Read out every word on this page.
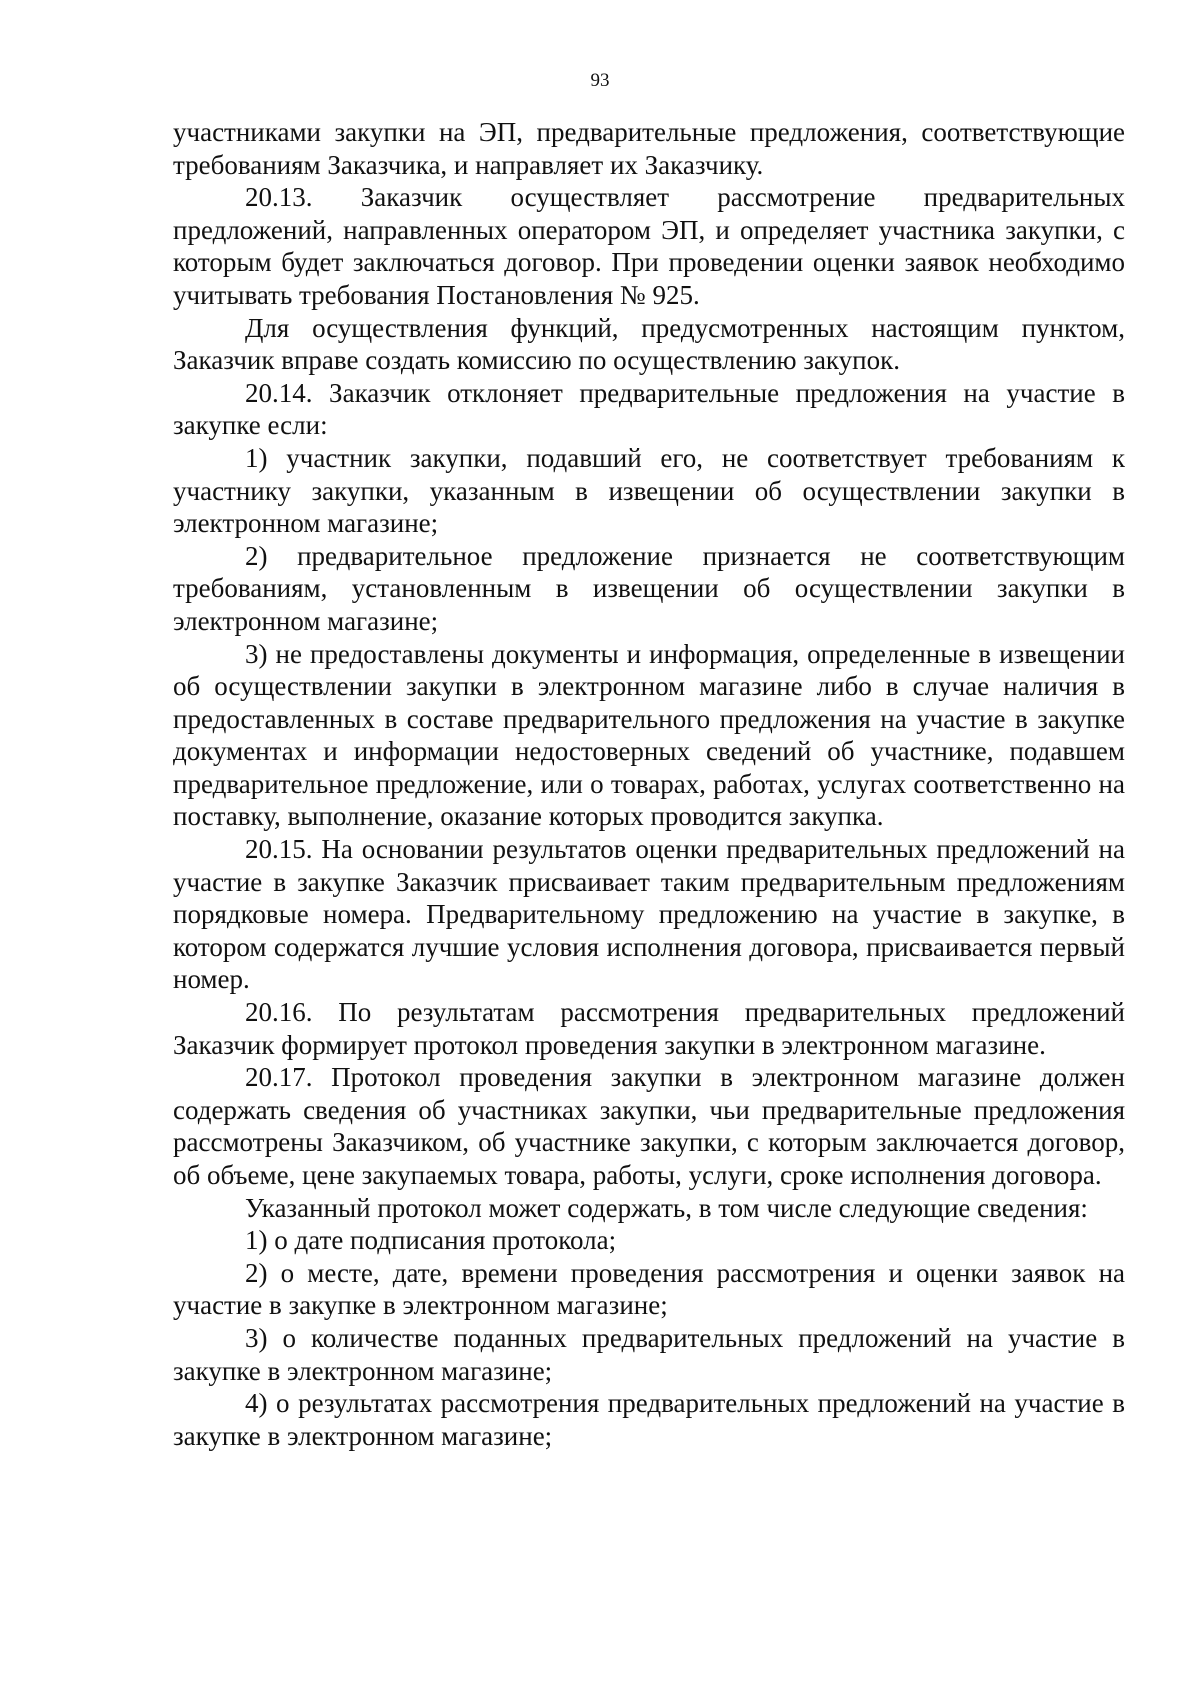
93

участниками закупки на ЭП, предварительные предложения, соответствующие требованиям Заказчика, и направляет их Заказчику.

20.13. Заказчик осуществляет рассмотрение предварительных предложений, направленных оператором ЭП, и определяет участника закупки, с которым будет заключаться договор. При проведении оценки заявок необходимо учитывать требования Постановления № 925.

Для осуществления функций, предусмотренных настоящим пунктом, Заказчик вправе создать комиссию по осуществлению закупок.

20.14. Заказчик отклоняет предварительные предложения на участие в закупке если:

1) участник закупки, подавший его, не соответствует требованиям к участнику закупки, указанным в извещении об осуществлении закупки в электронном магазине;

2) предварительное предложение признается не соответствующим требованиям, установленным в извещении об осуществлении закупки в электронном магазине;

3) не предоставлены документы и информация, определенные в извещении об осуществлении закупки в электронном магазине либо в случае наличия в предоставленных в составе предварительного предложения на участие в закупке документах и информации недостоверных сведений об участнике, подавшем предварительное предложение, или о товарах, работах, услугах соответственно на поставку, выполнение, оказание которых проводится закупка.

20.15. На основании результатов оценки предварительных предложений на участие в закупке Заказчик присваивает таким предварительным предложениям порядковые номера. Предварительному предложению на участие в закупке, в котором содержатся лучшие условия исполнения договора, присваивается первый номер.

20.16. По результатам рассмотрения предварительных предложений Заказчик формирует протокол проведения закупки в электронном магазине.

20.17. Протокол проведения закупки в электронном магазине должен содержать сведения об участниках закупки, чьи предварительные предложения рассмотрены Заказчиком, об участнике закупки, с которым заключается договор, об объеме, цене закупаемых товара, работы, услуги, сроке исполнения договора.

Указанный протокол может содержать, в том числе следующие сведения:

1) о дате подписания протокола;

2) о месте, дате, времени проведения рассмотрения и оценки заявок на участие в закупке в электронном магазине;

3) о количестве поданных предварительных предложений на участие в закупке в электронном магазине;

4) о результатах рассмотрения предварительных предложений на участие в закупке в электронном магазине;
